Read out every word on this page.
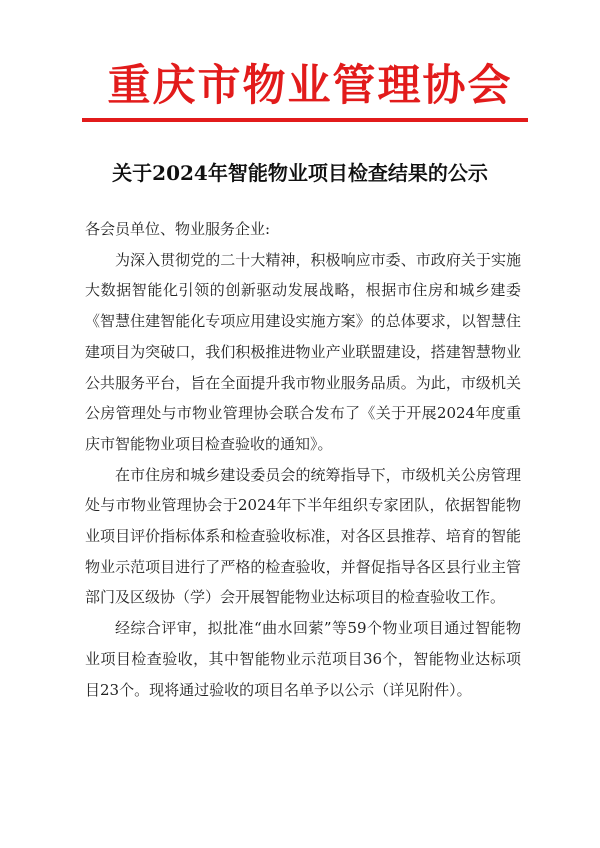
重庆市物业管理协会
关于2024年智能物业项目检查结果的公示

各会员单位、物业服务企业:

为深入贯彻党的二十大精神，积极响应市委、市政府关于实施大数据智能化引领的创新驱动发展战略，根据市住房和城乡建委《智慧住建智能化专项应用建设实施方案》的总体要求，以智慧住建项目为突破口，我们积极推进物业产业联盟建设，搭建智慧物业公共服务平台，旨在全面提升我市物业服务品质。为此，市级机关公房管理处与市物业管理协会联合发布了《关于开展2024年度重庆市智能物业项目检查验收的通知》。

在市住房和城乡建设委员会的统筹指导下，市级机关公房管理处与市物业管理协会于2024年下半年组织专家团队，依据智能物业项目评价指标体系和检查验收标准，对各区县推荐、培育的智能物业示范项目进行了严格的检查验收，并督促指导各区县行业主管部门及区级协（学）会开展智能物业达标项目的检查验收工作。

经综合评审，拟批准“曲水回萦”等59个物业项目通过智能物业项目检查验收，其中智能物业示范项目36个，智能物业达标项目23个。现将通过验收的项目名单予以公示（详见附件）。
